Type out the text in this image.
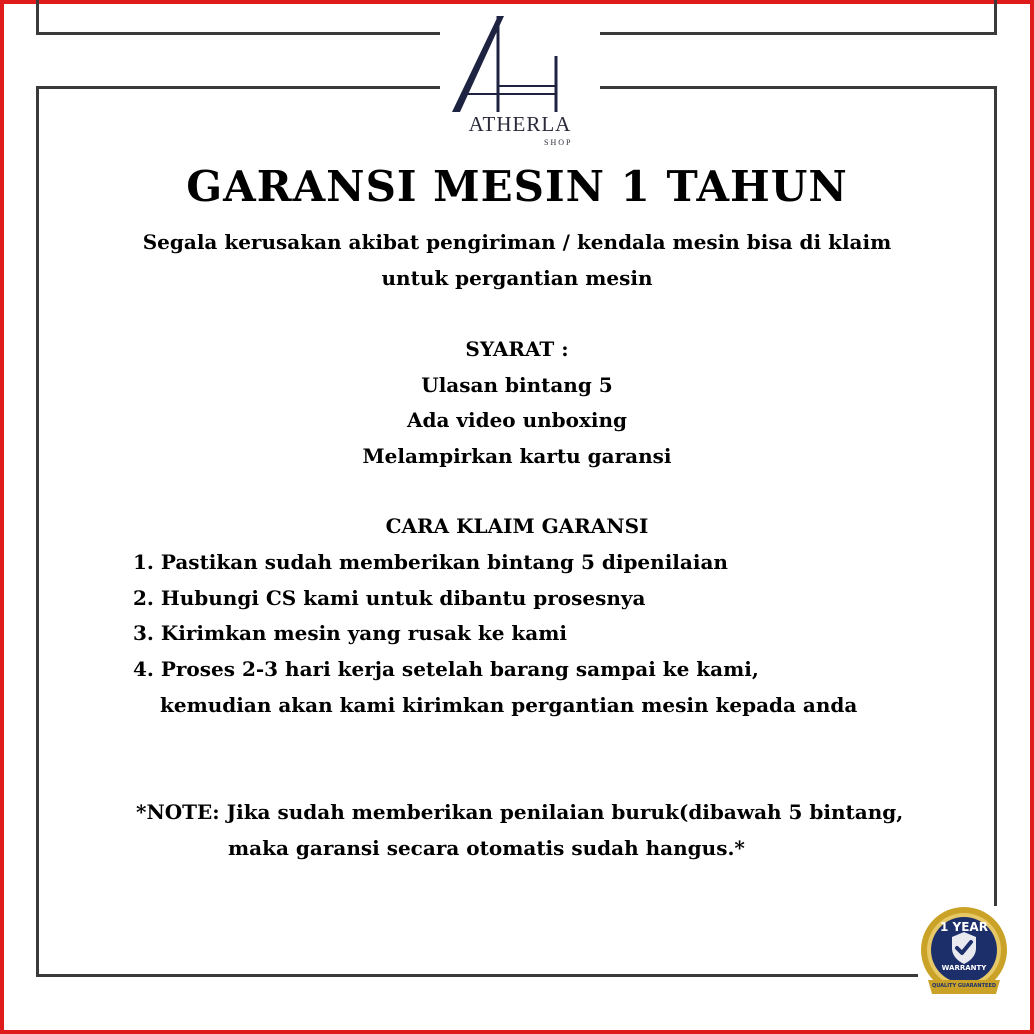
ATHERLA
SHOP
GARANSI MESIN 1 TAHUN
Segala kerusakan akibat pengiriman / kendala mesin bisa di klaim
untuk pergantian mesin
SYARAT :
Ulasan bintang 5
Ada video unboxing
Melampirkan kartu garansi
CARA KLAIM GARANSI
1. Pastikan sudah memberikan bintang 5 dipenilaian
2. Hubungi CS kami untuk dibantu prosesnya
3. Kirimkan mesin yang rusak ke kami
4. Proses 2-3 hari kerja setelah barang sampai ke kami,
kemudian akan kami kirimkan pergantian mesin kepada anda
*NOTE: Jika sudah memberikan penilaian buruk(dibawah 5 bintang,
maka garansi secara otomatis sudah hangus.*
1 YEAR
WARRANTY
QUALITY GUARANTEED
